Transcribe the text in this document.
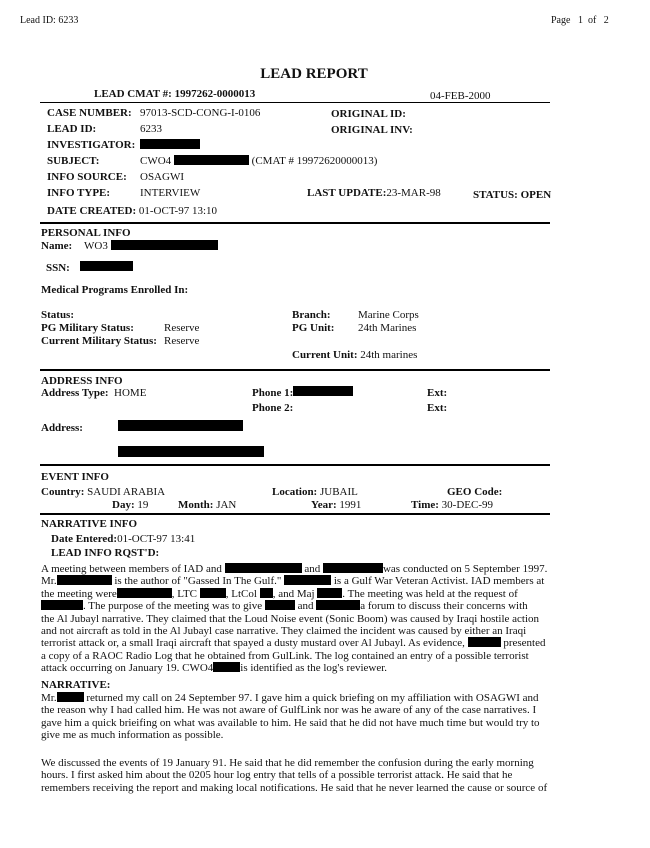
Lead ID: 6233	Page 1 of 2
LEAD REPORT
LEAD CMAT #: 1997262-0000013	04-FEB-2000
CASE NUMBER: 97013-SCD-CONG-I-0106	ORIGINAL ID:
LEAD ID:	6233	ORIGINAL INV:
INVESTIGATOR:
SUBJECT:	CWO4	(CMAT # 19972620000013)
INFO SOURCE: OSAGWI
INFO TYPE:	INTERVIEW	LAST UPDATE:23-MAR-98	STATUS: OPEN
DATE CREATED: 01-OCT-97 13:10
PERSONAL INFO
Name: WO3
SSN:
Medical Programs Enrolled In:
Status:
PG Military Status:	Reserve
Current Military Status: Reserve
Branch:	Marine Corps
PG Unit: 24th Marines
Current Unit: 24th marines
ADDRESS INFO
Address Type: HOME	Phone 1:	Ext:
Phone 2:	Ext:
Address:
EVENT INFO
Country: SAUDI ARABIA	Location: JUBAIL	GEO Code:
Day: 19	Month: JAN	Year: 1991	Time: 30-DEC-99
NARRATIVE INFO
Date Entered:01-OCT-97 13:41
LEAD INFO RQST'D:
A meeting between members of IAD and	and	was conducted on 5 September 1997.
Mr.	is the author of "Gassed In The Gulf."	is a Gulf War Veteran Activist. IAD members at
the meeting were	, LTC	, LtCol , and Maj	. The meeting was held at the request of
. The purpose of the meeting was to give	and	a forum to discuss their concerns with
the Al Jubayl narrative. They claimed that the Loud Noise event (Sonic Boom) was caused by Iraqi hostile action
and not aircraft as told in the Al Jubayl case narrative. They claimed the incident was caused by either an Iraqi
terrorist attack or, a small Iraqi aircraft that spayed a dusty mustard over Al Jubayl. As evidence,	presented
a copy of a RAOC Radio Log that he obtained from GulLink. The log contained an entry of a possible terrorist
attack occurring on January 19. CWO4 is identified as the log's reviewer.
NARRATIVE:
Mr.	returned my call on 24 September 97. I gave him a quick briefing on my affiliation with OSAGWI and
the reason why I had called him. He was not aware of GulfLink nor was he aware of any of the case narratives. I
gave him a quick brieifing on what was available to him. He said that he did not have much time but would try to
give me as much information as possible.
We discussed the events of 19 January 91. He said that he did remember the confusion during the early morning
hours. I first asked him about the 0205 hour log entry that tells of a possible terrorist attack. He said that he
remembers receiving the report and making local notifications. He said that he never learned the cause or source of
